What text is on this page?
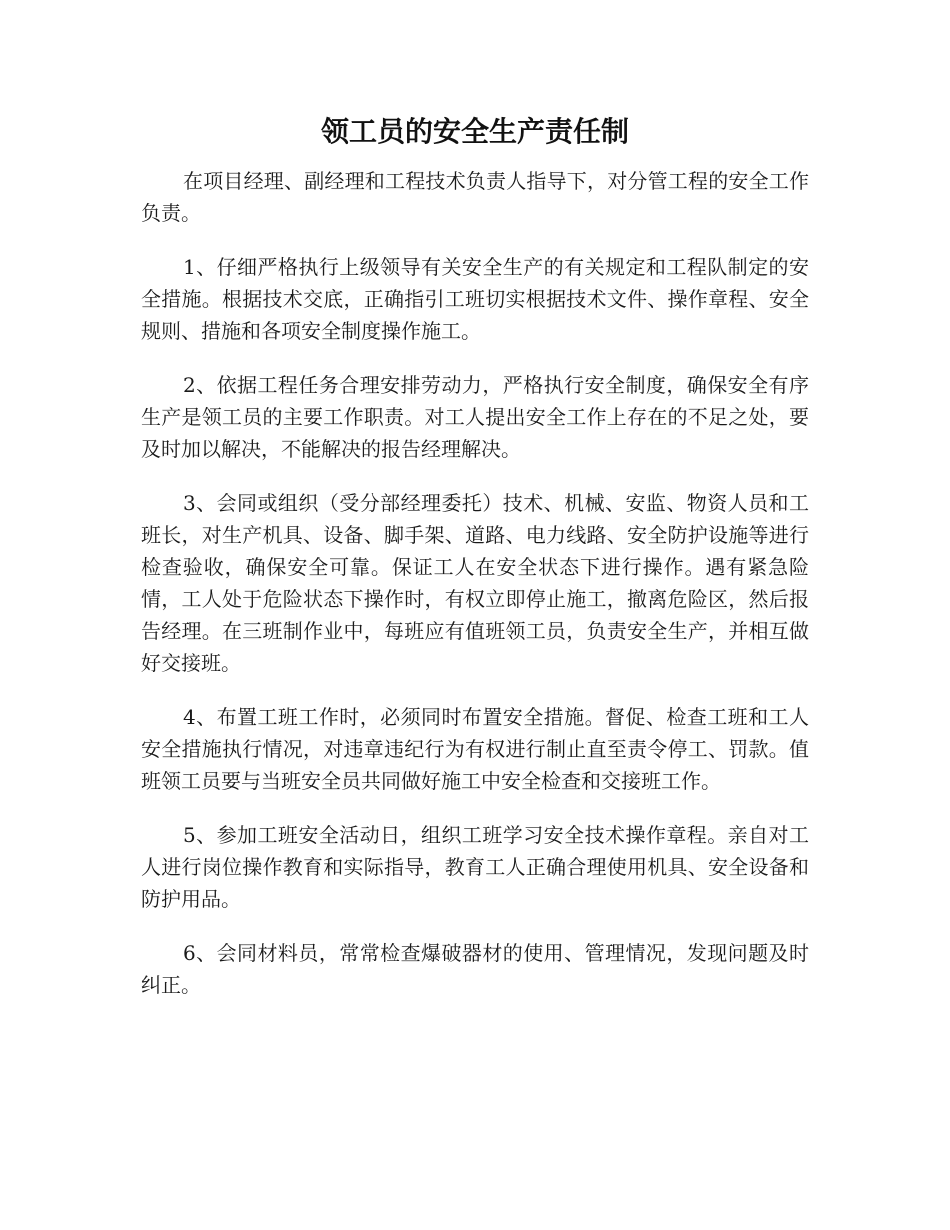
领工员的安全生产责任制

在项目经理、副经理和工程技术负责人指导下，对分管工程的安全工作负责。

1、仔细严格执行上级领导有关安全生产的有关规定和工程队制定的安全措施。根据技术交底，正确指引工班切实根据技术文件、操作章程、安全规则、措施和各项安全制度操作施工。

2、依据工程任务合理安排劳动力，严格执行安全制度，确保安全有序生产是领工员的主要工作职责。对工人提出安全工作上存在的不足之处，要及时加以解决，不能解决的报告经理解决。

3、会同或组织（受分部经理委托）技术、机械、安监、物资人员和工班长，对生产机具、设备、脚手架、道路、电力线路、安全防护设施等进行检查验收，确保安全可靠。保证工人在安全状态下进行操作。遇有紧急险情，工人处于危险状态下操作时，有权立即停止施工，撤离危险区，然后报告经理。在三班制作业中，每班应有值班领工员，负责安全生产，并相互做好交接班。

4、布置工班工作时，必须同时布置安全措施。督促、检查工班和工人安全措施执行情况，对违章违纪行为有权进行制止直至责令停工、罚款。值班领工员要与当班安全员共同做好施工中安全检查和交接班工作。

5、参加工班安全活动日，组织工班学习安全技术操作章程。亲自对工人进行岗位操作教育和实际指导，教育工人正确合理使用机具、安全设备和防护用品。

6、会同材料员，常常检查爆破器材的使用、管理情况，发现问题及时纠正。
